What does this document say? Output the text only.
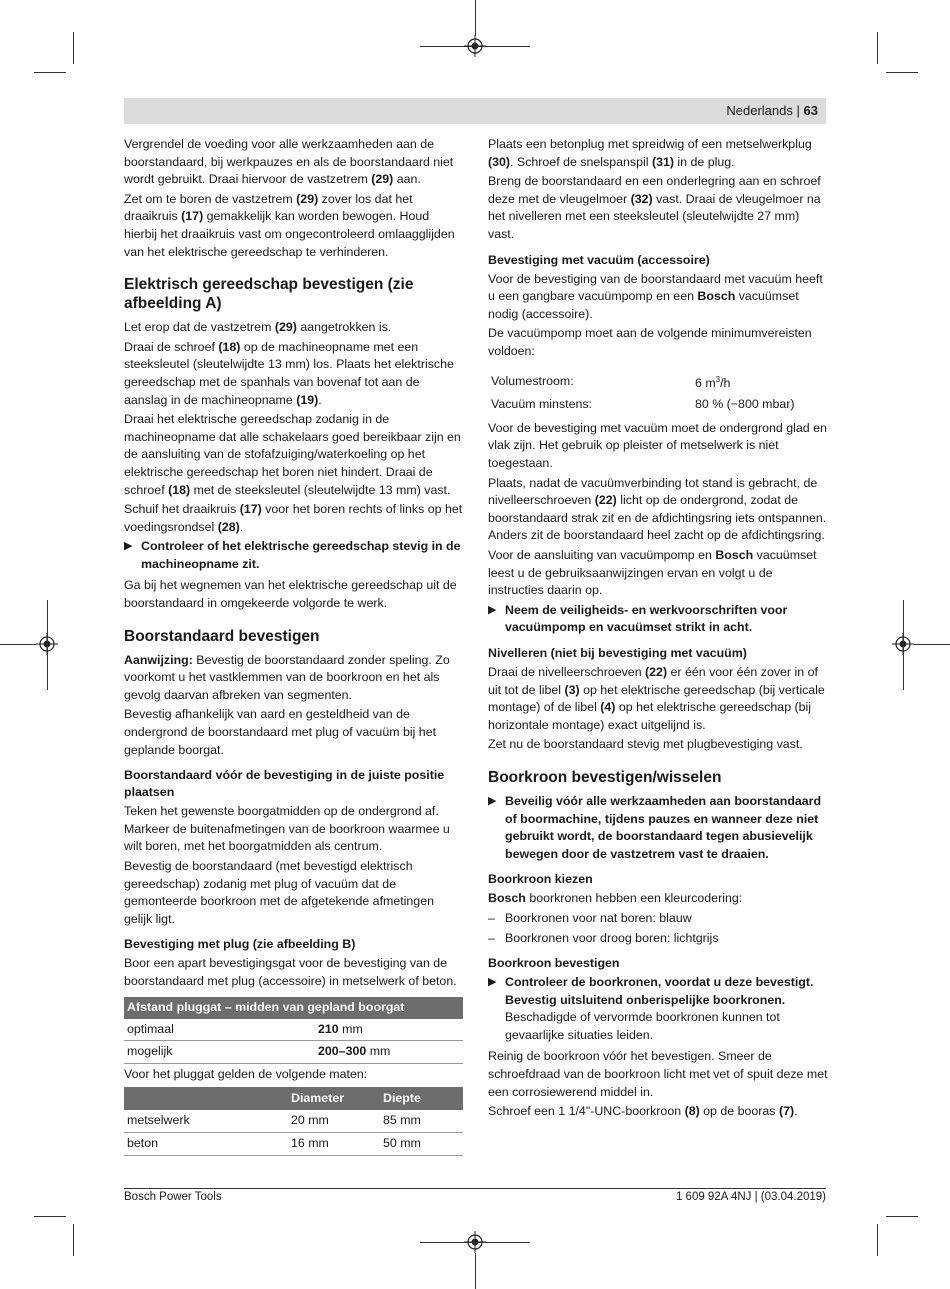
Nederlands | 63

Vergrendel de voeding voor alle werkzaamheden aan de boorstandaard, bij werkpauzes en als de boorstandaard niet wordt gebruikt. Draai hiervoor de vastzetrem (29) aan.

Zet om te boren de vastzetrem (29) zover los dat het draaikruis (17) gemakkelijk kan worden bewogen. Houd hierbij het draaikruis vast om ongecontroleerd omlaagglijden van het elektrische gereedschap te verhinderen.

Elektrisch gereedschap bevestigen (zie afbeelding A)

Let erop dat de vastzetrem (29) aangetrokken is.

Draai de schroef (18) op de machineopname met een steeksleutel (sleutelwijdte 13 mm) los. Plaats het elektrische gereedschap met de spanhals van bovenaf tot aan de aanslag in de machineopname (19).

Draai het elektrische gereedschap zodanig in de machineopname dat alle schakelaars goed bereikbaar zijn en de aansluiting van de stofafzuiging/waterkoeling op het elektrische gereedschap het boren niet hindert. Draai de schroef (18) met de steeksleutel (sleutelwijdte 13 mm) vast.

Schuif het draaikruis (17) voor het boren rechts of links op het voedingsrondsel (28).

▶ Controleer of het elektrische gereedschap stevig in de machineopname zit.

Ga bij het wegnemen van het elektrische gereedschap uit de boorstandaard in omgekeerde volgorde te werk.

Boorstandaard bevestigen

Aanwijzing: Bevestig de boorstandaard zonder speling. Zo voorkomt u het vastklemmen van de boorkroon en het als gevolg daarvan afbreken van segmenten.

Bevestig afhankelijk van aard en gesteldheid van de ondergrond de boorstandaard met plug of vacuüm bij het geplande boorgat.

Boorstandaard vóór de bevestiging in de juiste positie plaatsen

Teken het gewenste boorgatmidden op de ondergrond af. Markeer de buitenafmetingen van de boorkroon waarmee u wilt boren, met het boorgatmidden als centrum.

Bevestig de boorstandaard (met bevestigd elektrisch gereedschap) zodanig met plug of vacuüm dat de gemonteerde boorkroon met de afgetekende afmetingen gelijk ligt.

Bevestiging met plug (zie afbeelding B)

Boor een apart bevestigingsgat voor de bevestiging van de boorstandaard met plug (accessoire) in metselwerk of beton.

Afstand pluggat – midden van gepland boorgat	
optimaal	210 mm
mogelijk	200–300 mm

Voor het pluggat gelden de volgende maten:

	Diameter	Diepte
metselwerk	20 mm	85 mm
beton	16 mm	50 mm

Plaats een betonplug met spreidwig of een metselwerkplug (30). Schroef de snelspanspil (31) in de plug.

Breng de boorstandaard en een onderlegring aan en schroef deze met de vleugelmoer (32) vast. Draai de vleugelmoer na het nivelleren met een steeksleutel (sleutelwijdte 27 mm) vast.

Bevestiging met vacuüm (accessoire)

Voor de bevestiging van de boorstandaard met vacuüm heeft u een gangbare vacuümpomp en een Bosch vacuümset nodig (accessoire).

De vacuümpomp moet aan de volgende minimumvereisten voldoen:

Volumestroom:	6 $m^3/h$
Vacuüm minstens:	80 % (−800 mbar)

Voor de bevestiging met vacuüm moet de ondergrond glad en vlak zijn. Het gebruik op pleister of metselwerk is niet toegestaan.

Plaats, nadat de vacuümverbinding tot stand is gebracht, de nivelleerschroeven (22) licht op de ondergrond, zodat de boorstandaard strak zit en de afdichtingsring iets ontspannen. Anders zit de boorstandaard heel zacht op de afdichtingsring.

Voor de aansluiting van vacuümpomp en Bosch vacuümset leest u de gebruiksaanwijzingen ervan en volgt u de instructies daarin op.

▶ Neem de veiligheids- en werkvoorschriften voor vacuümpomp en vacuümset strikt in acht.
Nivelleren (niet bij bevestiging met vacuüm)

Draai de nivelleerschroeven (22) er één voor één zover in of uit tot de libel (3) op het elektrische gereedschap (bij verticale montage) of de libel (4) op het elektrische gereedschap (bij horizontale montage) exact uitgelijnd is.

Zet nu de boorstandaard stevig met plugbevestiging vast.

Boorkroon bevestigen/wisselen
▶ Beveilig vóór alle werkzaamheden aan boorstandaard of boormachine, tijdens pauzes en wanneer deze niet gebruikt wordt, de boorstandaard tegen abusievelijk bewegen door de vastzetrem vast te draaien.
Boorkroon kiezen

Bosch boorkronen hebben een kleurcodering:

– Boorkronen voor nat boren: blauw
– Boorkronen voor droog boren: lichtgrijs
Boorkroon bevestigen
▶ Controleer de boorkronen, voordat u deze bevestigt. Bevestig uitsluitend onberispelijke boorkronen. Beschadigde of vervormde boorkronen kunnen tot gevaarlijke situaties leiden.

Reinig de boorkroon vóór het bevestigen. Smeer de schroefdraad van de boorkroon licht met vet of spuit deze met een corrosiewerend middel in.

Schroef een 1 1/4"-UNC-boorkroon (8) op de booras (7).

Bosch Power Tools	1 609 92A 4NJ | (03.04.2019)
